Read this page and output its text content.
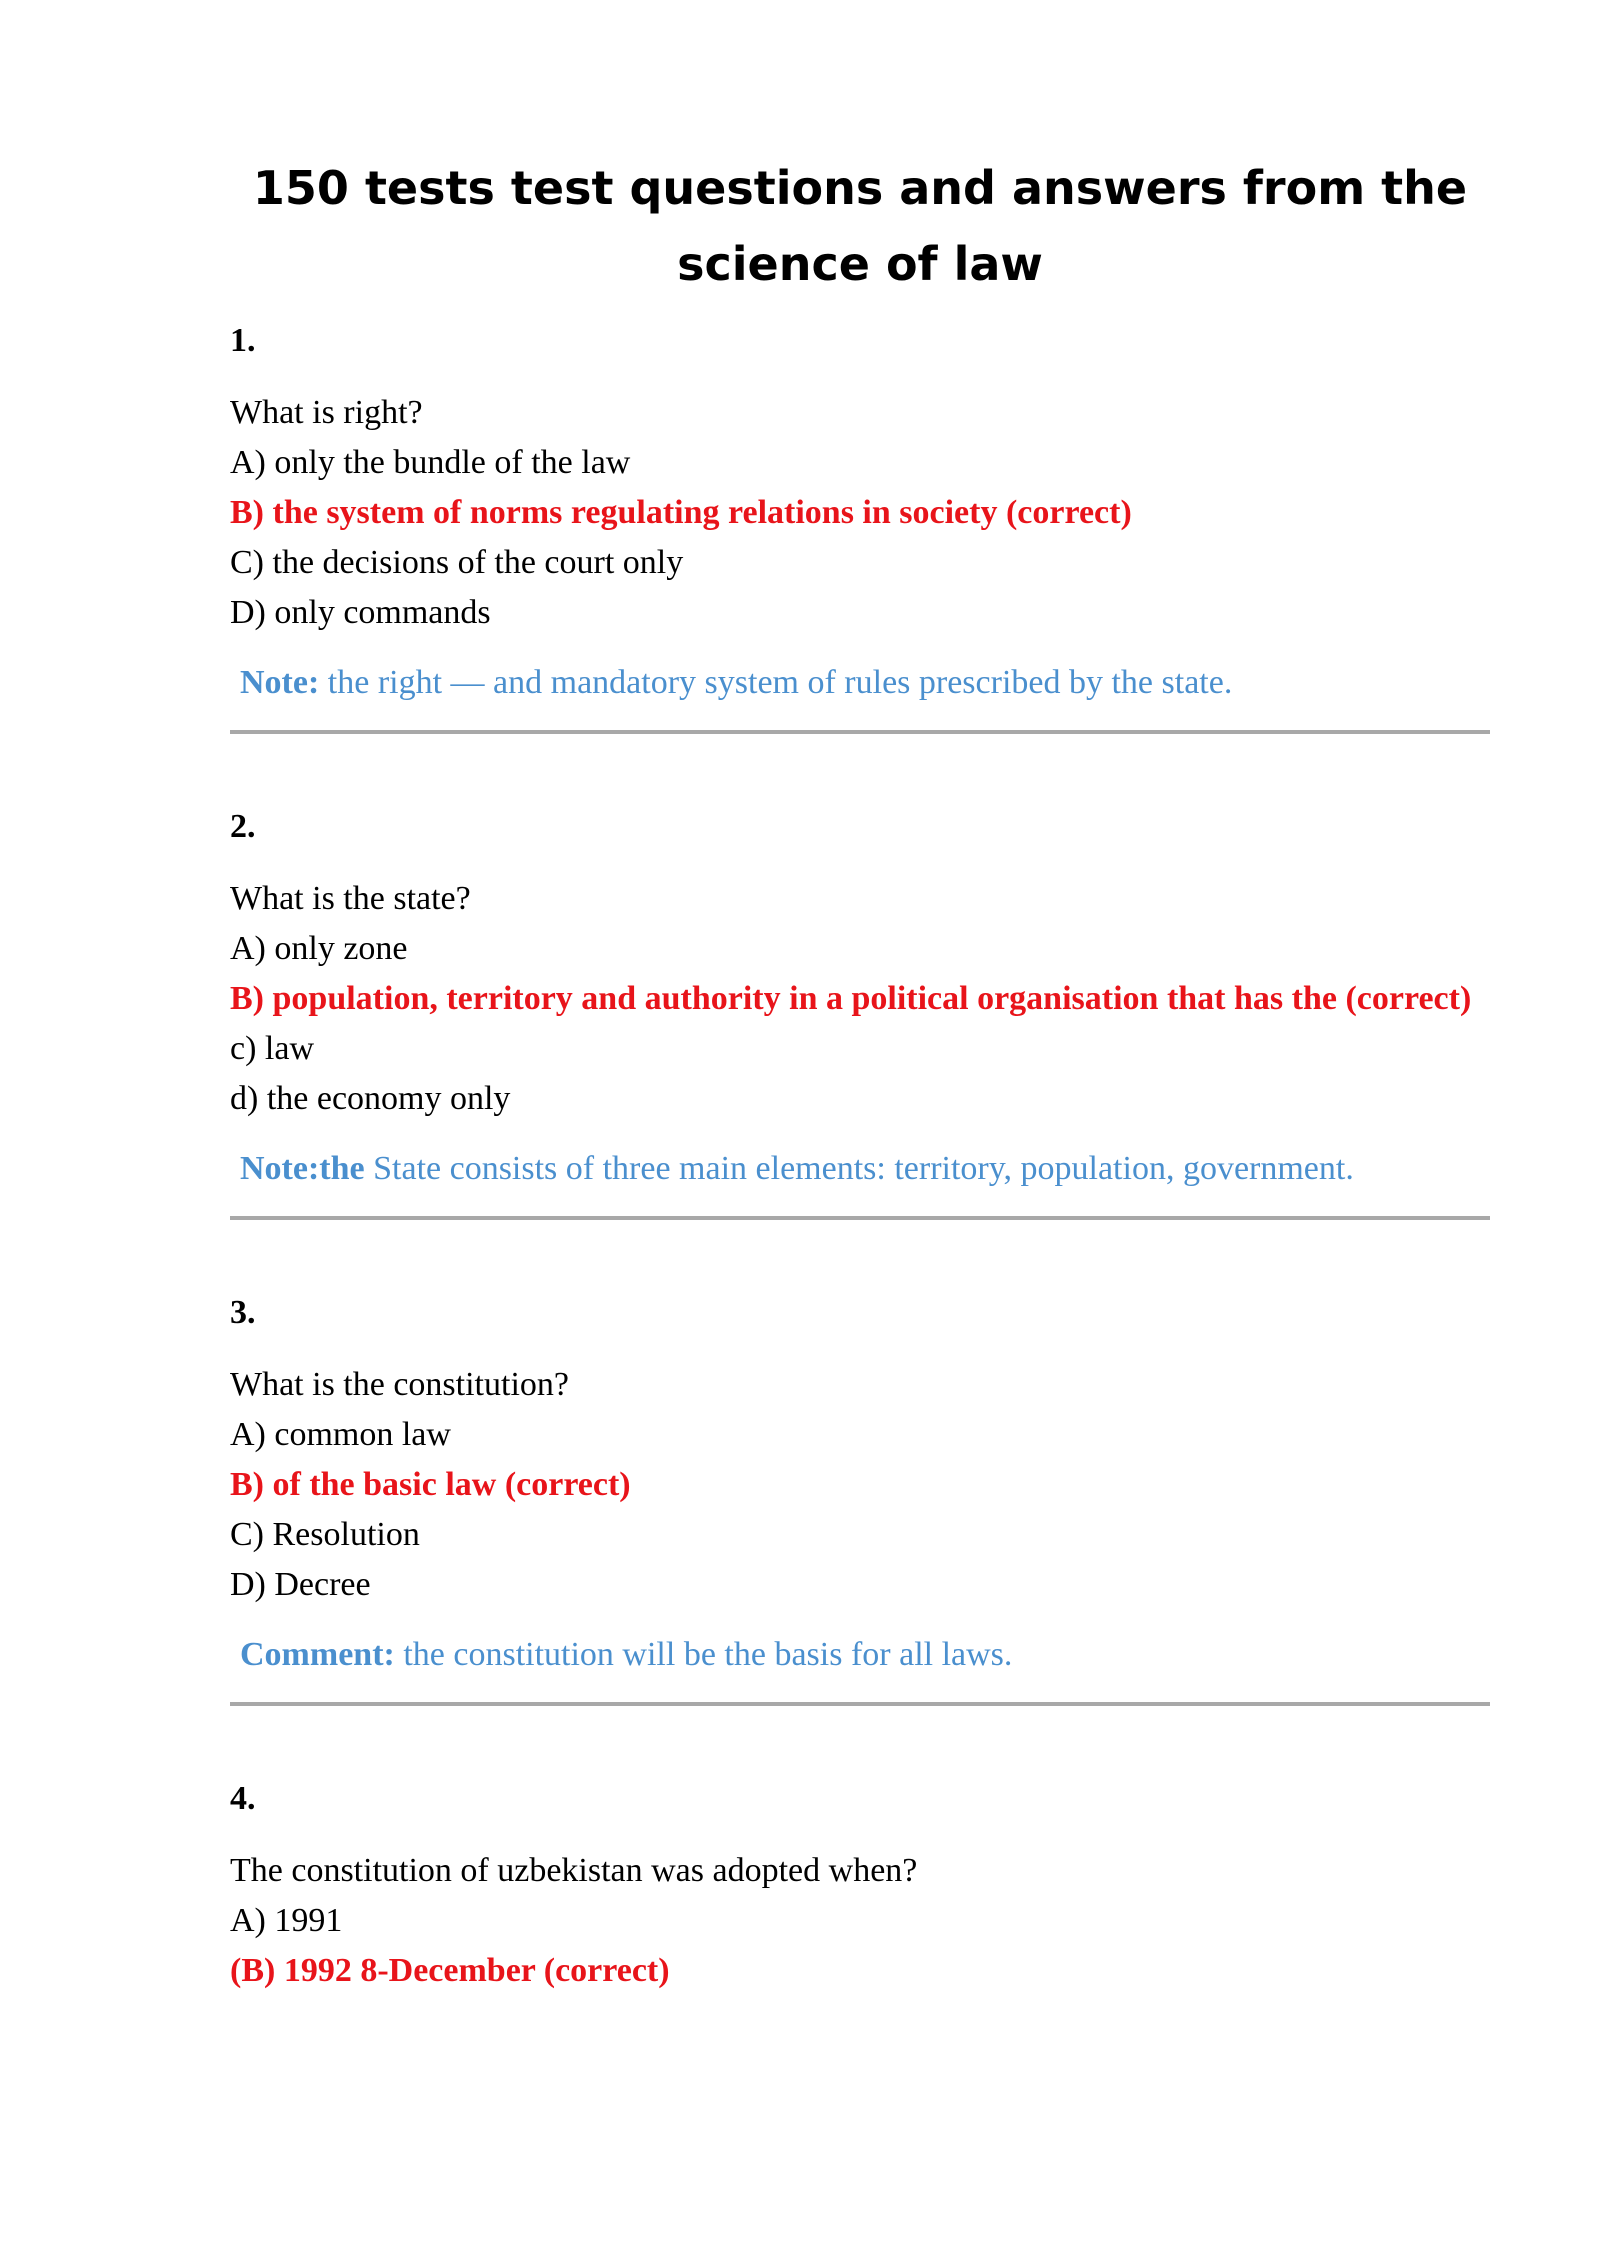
150 tests test questions and answers from the
science of law

1.

What is right?

A) only the bundle of the law

B) the system of norms regulating relations in society (correct)

C) the decisions of the court only

D) only commands

Note: the right — and mandatory system of rules prescribed by the state.

2.

What is the state?

A) only zone

B) population, territory and authority in a political organisation that has the (correct)

c) law

d) the economy only

Note:the State consists of three main elements: territory, population, government.

3.

What is the constitution?

A) common law

B) of the basic law (correct)

C) Resolution

D) Decree

Comment: the constitution will be the basis for all laws.

4.

The constitution of uzbekistan was adopted when?

A) 1991

(B) 1992 8-December (correct)
